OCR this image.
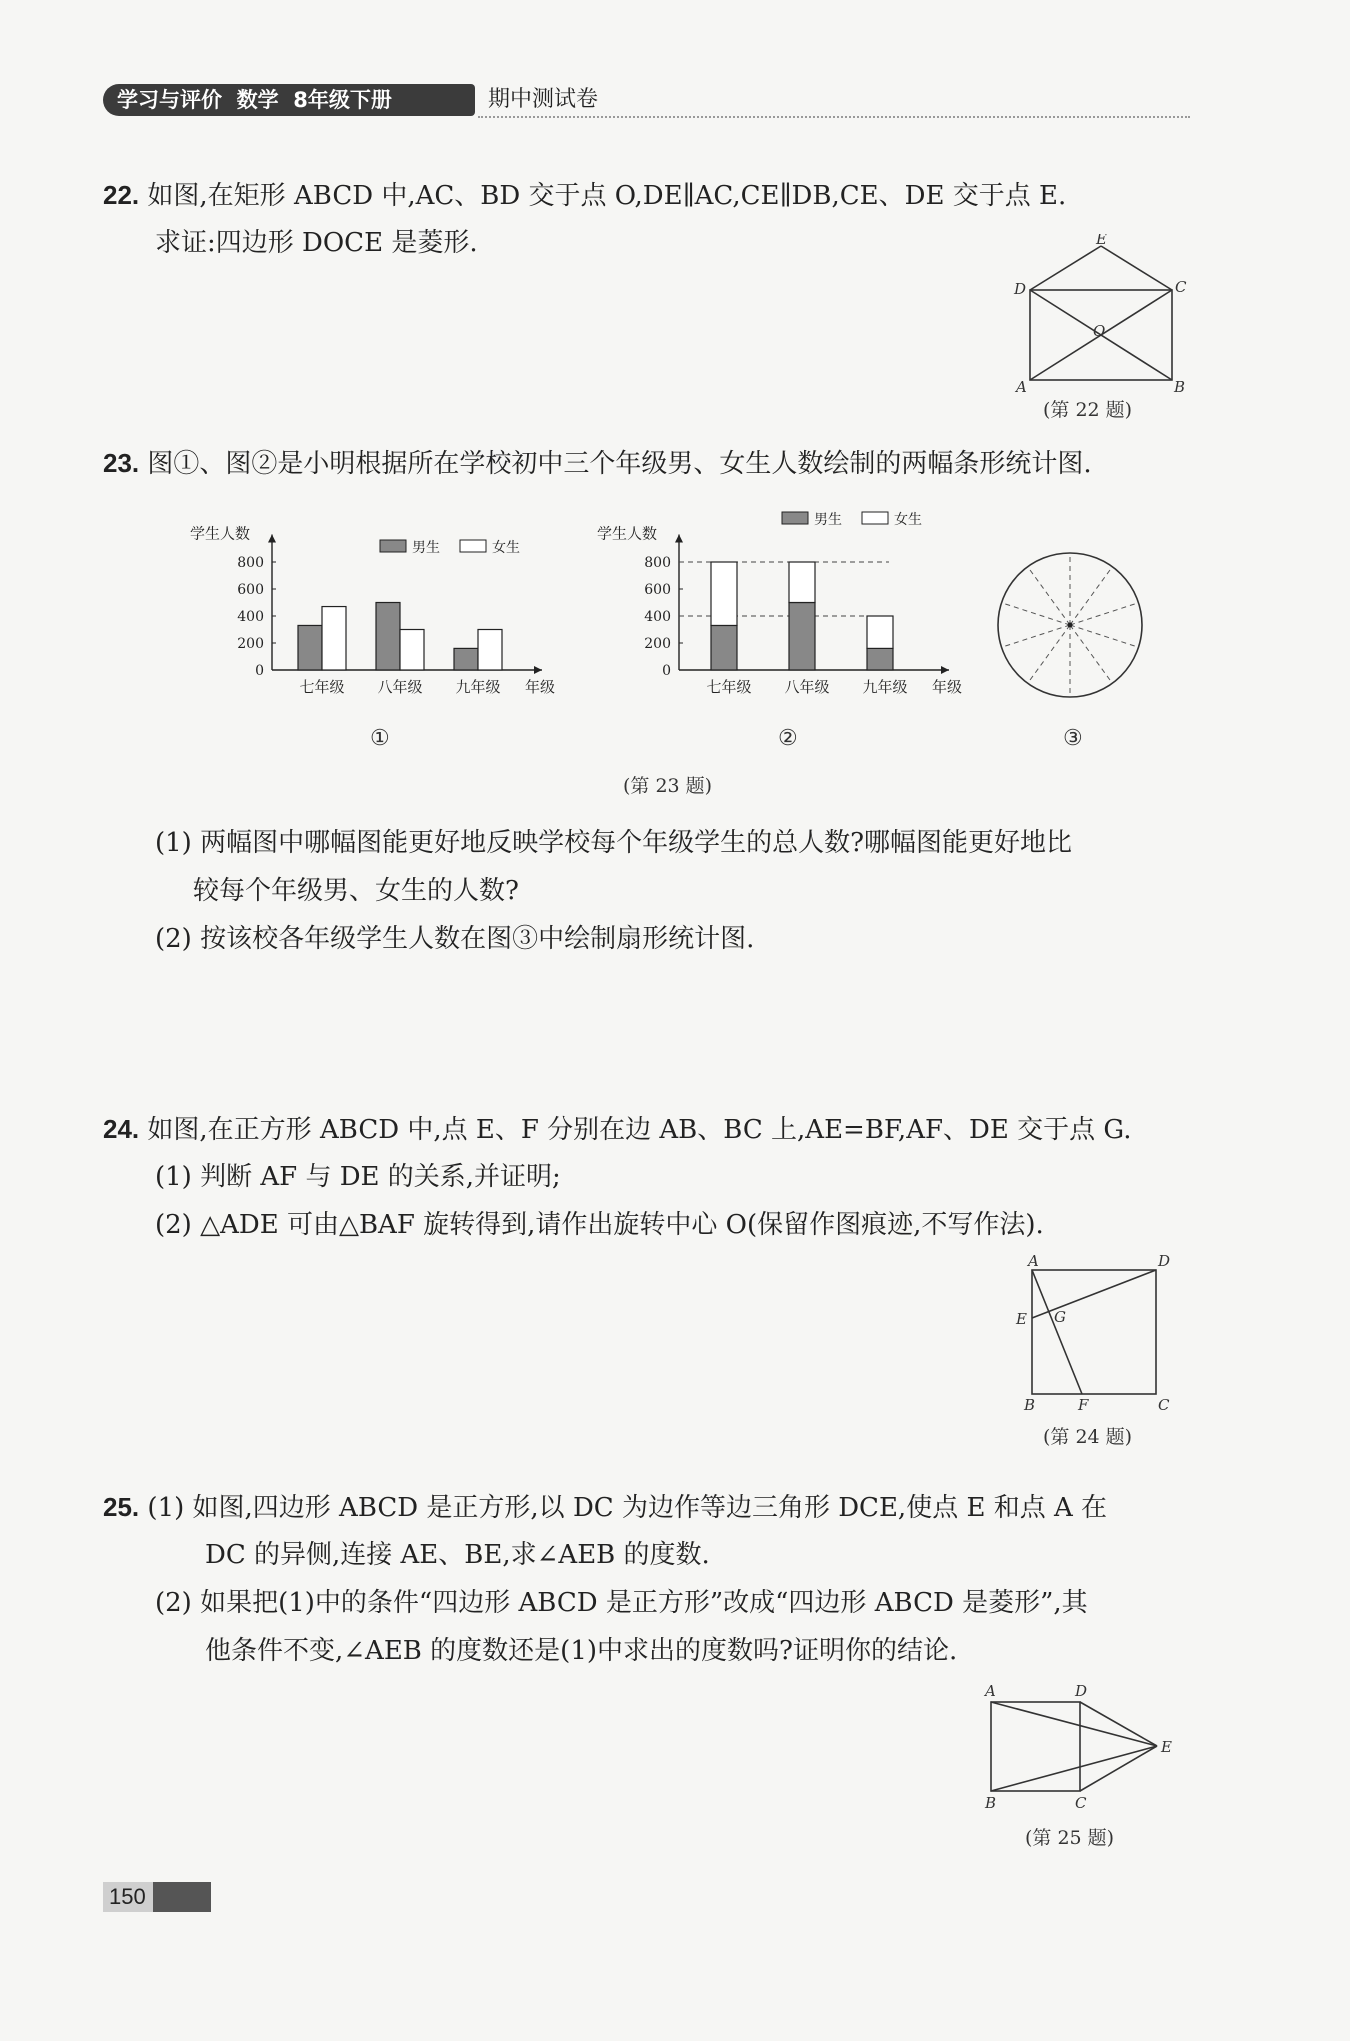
学习与评价  数学  8年级下册	期中测试卷
22. 如图,在矩形 ABCD 中,AC、BD 交于点 O,DE∥AC,CE∥DB,CE、DE 交于点 E.
求证:四边形 DOCE 是菱形.	E
D	C
O
A	B
(第 22 题)
23. 图①、图②是小明根据所在学校初中三个年级男、女生人数绘制的两幅条形统计图.
学生人数
0
200
400
600
800
七年级 八年级 九年级 年级
男生	女生
学生人数
0
200
400
600
800
七年级 八年级 九年级 年级
男生	女生
①	②	③
(第 23 题)
(1) 两幅图中哪幅图能更好地反映学校每个年级学生的总人数?哪幅图能更好地比
较每个年级男、女生的人数?
(2) 按该校各年级学生人数在图③中绘制扇形统计图.
24. 如图,在正方形 ABCD 中,点 E、F 分别在边 AB、BC 上,AE=BF,AF、DE 交于点 G.
(1) 判断 AF 与 DE 的关系,并证明;
(2) △ADE 可由△BAF 旋转得到,请作出旋转中心 O(保留作图痕迹,不写作法).
A	D
E G
B	F	C
(第 24 题)
25. (1) 如图,四边形 ABCD 是正方形,以 DC 为边作等边三角形 DCE,使点 E 和点 A 在
DC 的异侧,连接 AE、BE,求∠AEB 的度数.
(2) 如果把(1)中的条件“四边形 ABCD 是正方形”改成“四边形 ABCD 是菱形”,其
他条件不变,∠AEB 的度数还是(1)中求出的度数吗?证明你的结论.
A	D
E
B	C
(第 25 题)
150
